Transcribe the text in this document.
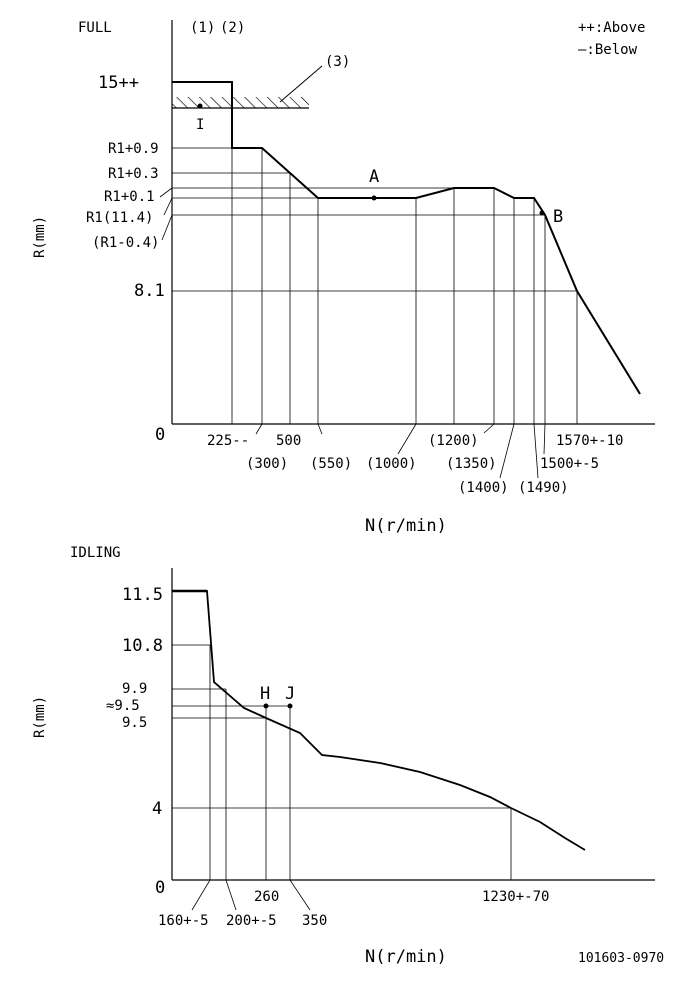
FULL	(1) (2)
(3)
++:Above
—:Below
15++
R1+0.9
R1+0.3
R1+0.1
R1(11.4)
(R1-0.4)
8.1
0
R(mm)
I
A
B
225-- 500
(300) (550) (1000)
(1200)
(1350)
(1400) (1490)
1500+-5
1570+-10
N(r/min)
IDLING
11.5
10.8
9.9
≈9.5
9.5
4
0
R(mm)
H J
160+-5 200+-5
260
350
1230+-70
N(r/min)	101603-0970
